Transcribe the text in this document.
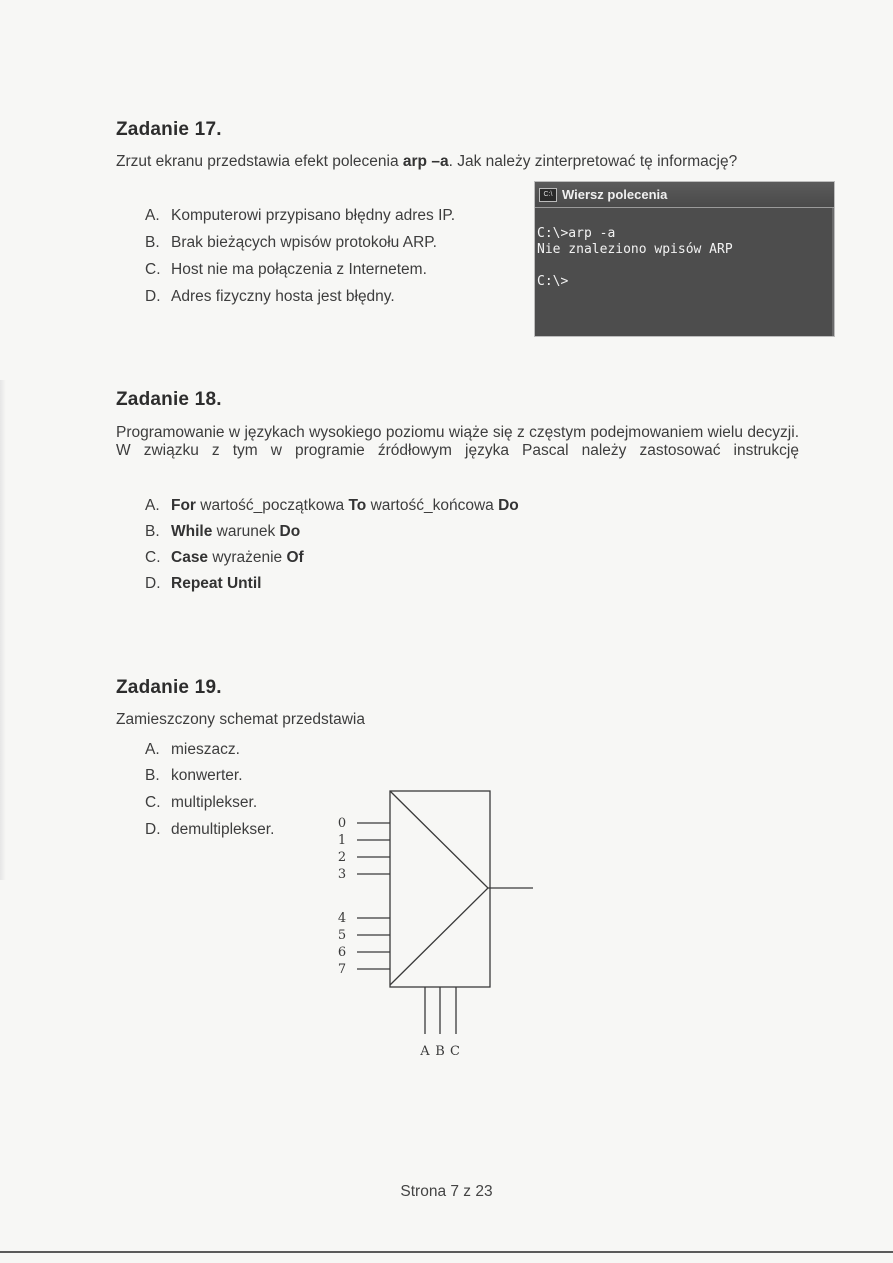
Zadanie 17.
Zrzut ekranu przedstawia efekt polecenia arp –a. Jak należy zinterpretować tę informację?
A. Komputerowi przypisano błędny adres IP.
B. Brak bieżących wpisów protokołu ARP.
C. Host nie ma połączenia z Internetem.
D. Adres fizyczny hosta jest błędny.
C:\ Wiersz polecenia
C:\>arp -a
Nie znaleziono wpisów ARP
C:\>
Zadanie 18.
Programowanie w językach wysokiego poziomu wiąże się z częstym podejmowaniem wielu decyzji. W związku z tym w programie źródłowym języka Pascal należy zastosować instrukcję
A. For wartość_początkowa To wartość_końcowa Do
B. While warunek Do
C. Case wyrażenie Of
D. Repeat Until
Zadanie 19.
Zamieszczony schemat przedstawia
A. mieszacz.
B. konwerter.
C. multiplekser.
D. demultiplekser.	0
1
2
3
4
5
6
7
A B C
Strona 7 z 23
